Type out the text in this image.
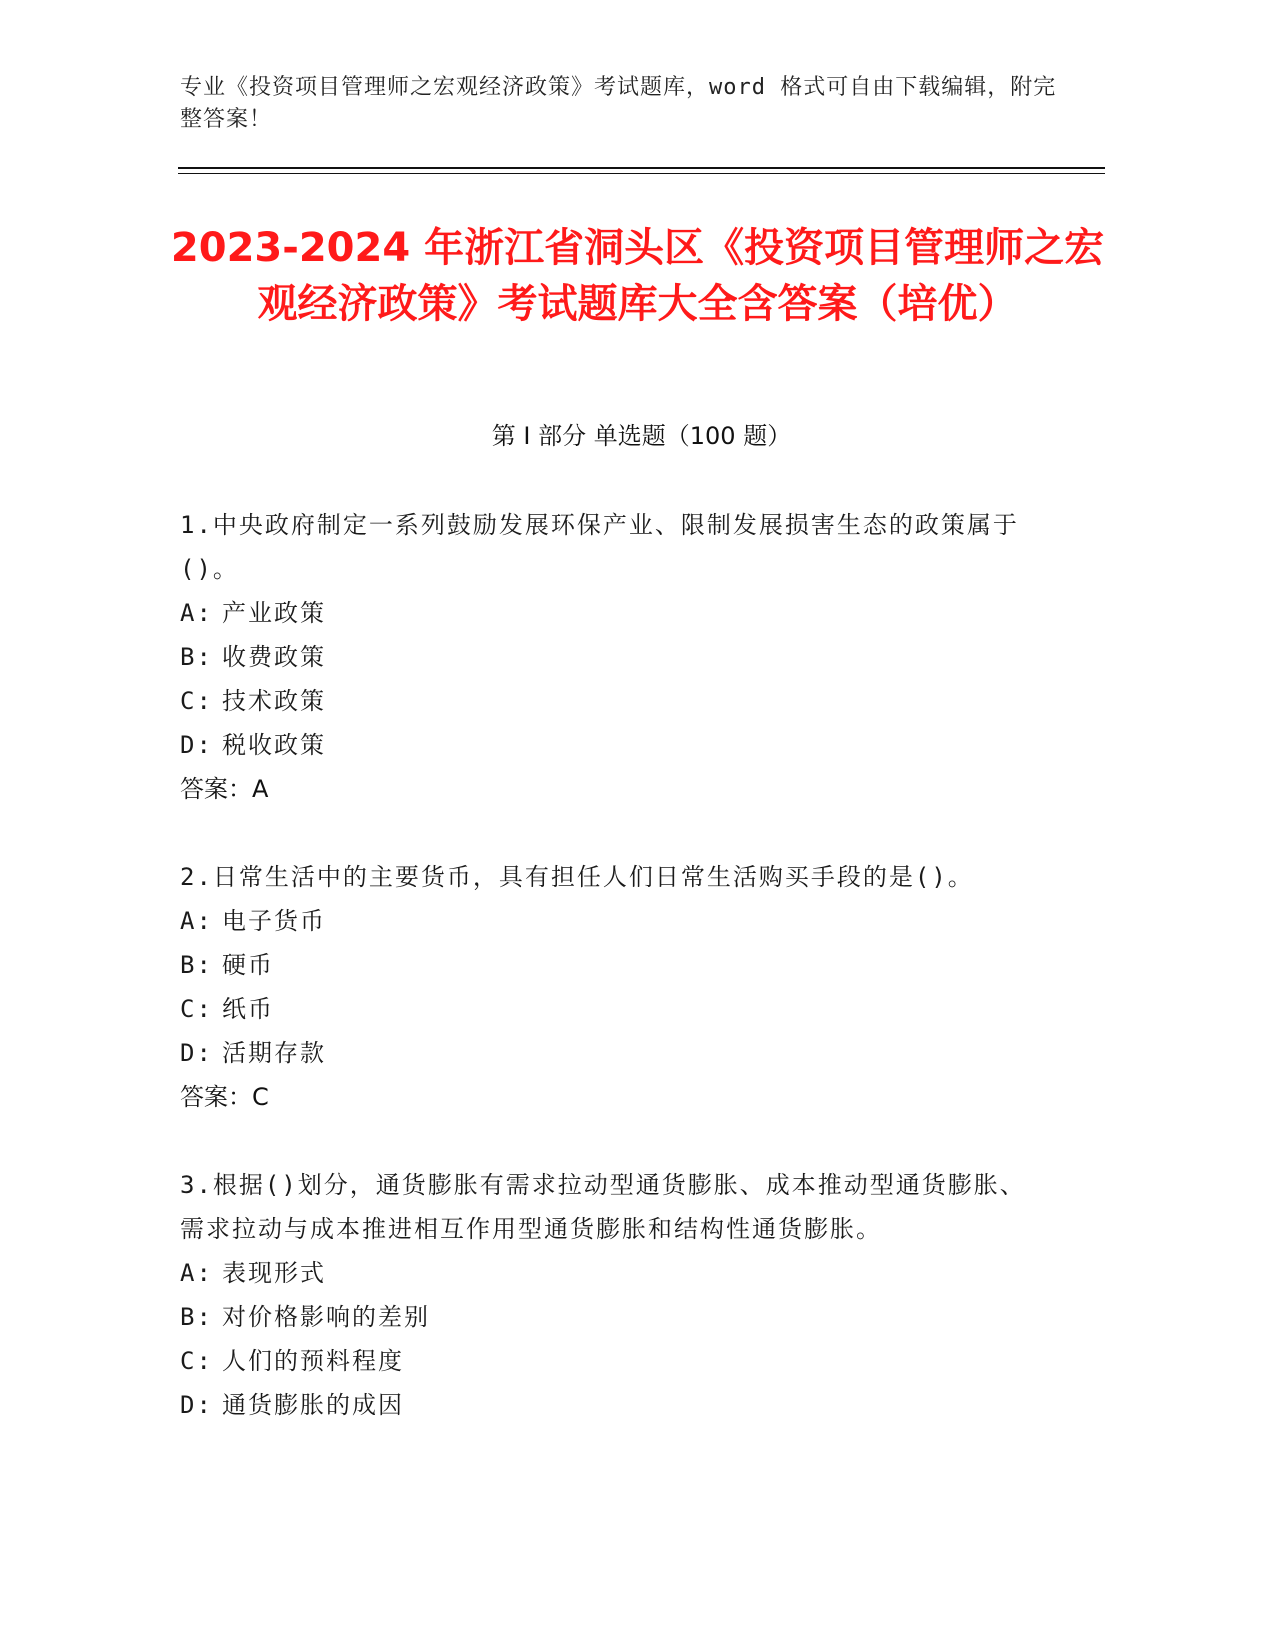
专业《投资项目管理师之宏观经济政策》考试题库，word 格式可自由下载编辑，附完整答案！
2023-2024 年浙江省洞头区《投资项目管理师之宏观经济政策》考试题库大全含答案（培优）
第 I 部分 单选题（100 题）
1.中央政府制定一系列鼓励发展环保产业、限制发展损害生态的政策属于()。
A: 产业政策
B: 收费政策
C: 技术政策
D: 税收政策
答案：A
2.日常生活中的主要货币，具有担任人们日常生活购买手段的是()。
A: 电子货币
B: 硬币
C: 纸币
D: 活期存款
答案：C
3.根据()划分，通货膨胀有需求拉动型通货膨胀、成本推动型通货膨胀、需求拉动与成本推进相互作用型通货膨胀和结构性通货膨胀。
A: 表现形式
B: 对价格影响的差别
C: 人们的预料程度
D: 通货膨胀的成因
